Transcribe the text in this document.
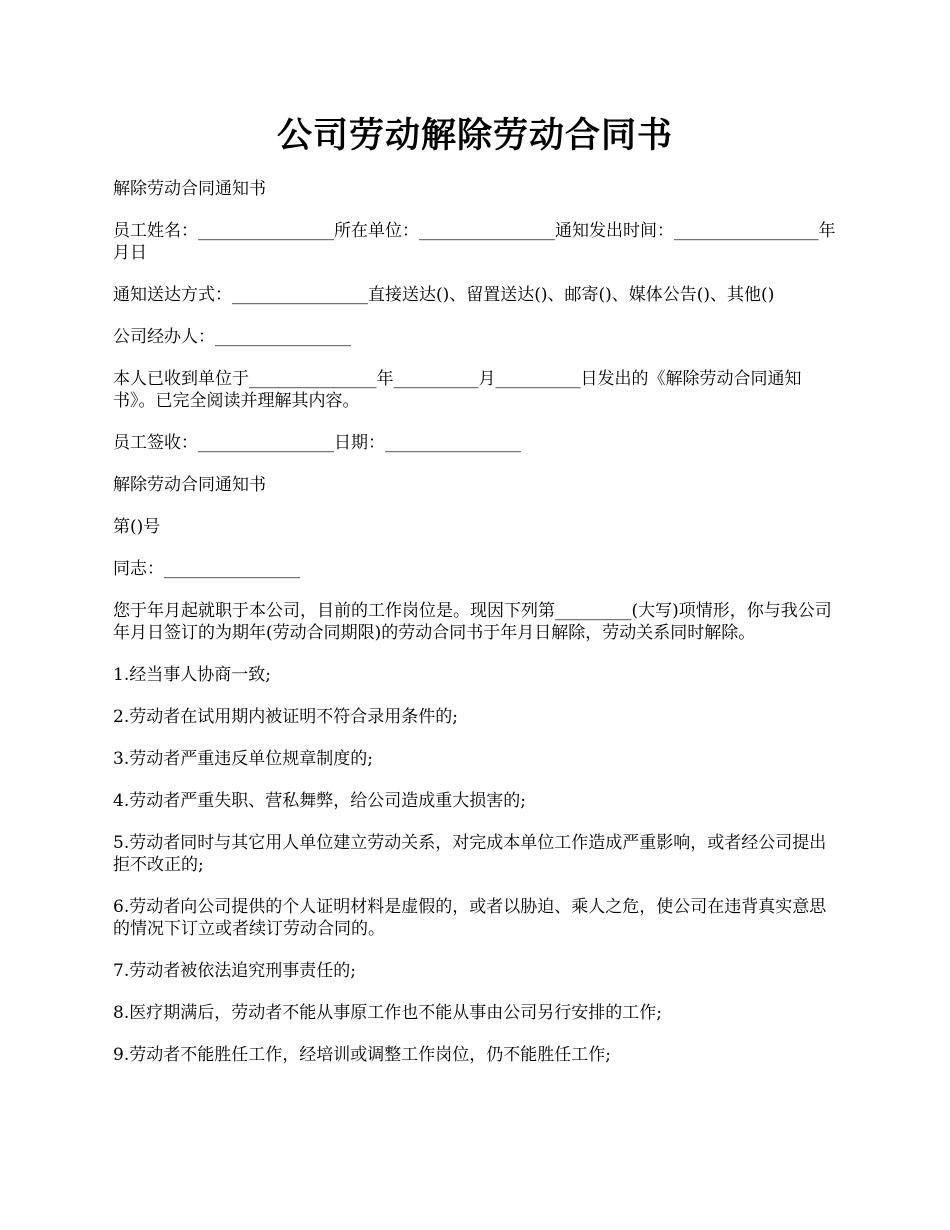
公司劳动解除劳动合同书

解除劳动合同通知书

员工姓名：________________所在单位：________________通知发出时间：_________________年月日

通知送达方式：________________直接送达()、留置送达()、邮寄()、媒体公告()、其他()

公司经办人：________________

本人已收到单位于_______________年__________月__________日发出的《解除劳动合同通知书》。已完全阅读并理解其内容。

员工签收：________________日期：________________

解除劳动合同通知书

第()号

同志：________________

您于年月起就职于本公司，目前的工作岗位是。现因下列第_________(大写)项情形，你与我公司年月日签订的为期年(劳动合同期限)的劳动合同书于年月日解除，劳动关系同时解除。

1.经当事人协商一致;

2.劳动者在试用期内被证明不符合录用条件的;

3.劳动者严重违反单位规章制度的;

4.劳动者严重失职、营私舞弊，给公司造成重大损害的;

5.劳动者同时与其它用人单位建立劳动关系，对完成本单位工作造成严重影响，或者经公司提出拒不改正的;

6.劳动者向公司提供的个人证明材料是虚假的，或者以胁迫、乘人之危，使公司在违背真实意思的情况下订立或者续订劳动合同的。

7.劳动者被依法追究刑事责任的;

8.医疗期满后，劳动者不能从事原工作也不能从事由公司另行安排的工作;

9.劳动者不能胜任工作，经培训或调整工作岗位，仍不能胜任工作;
